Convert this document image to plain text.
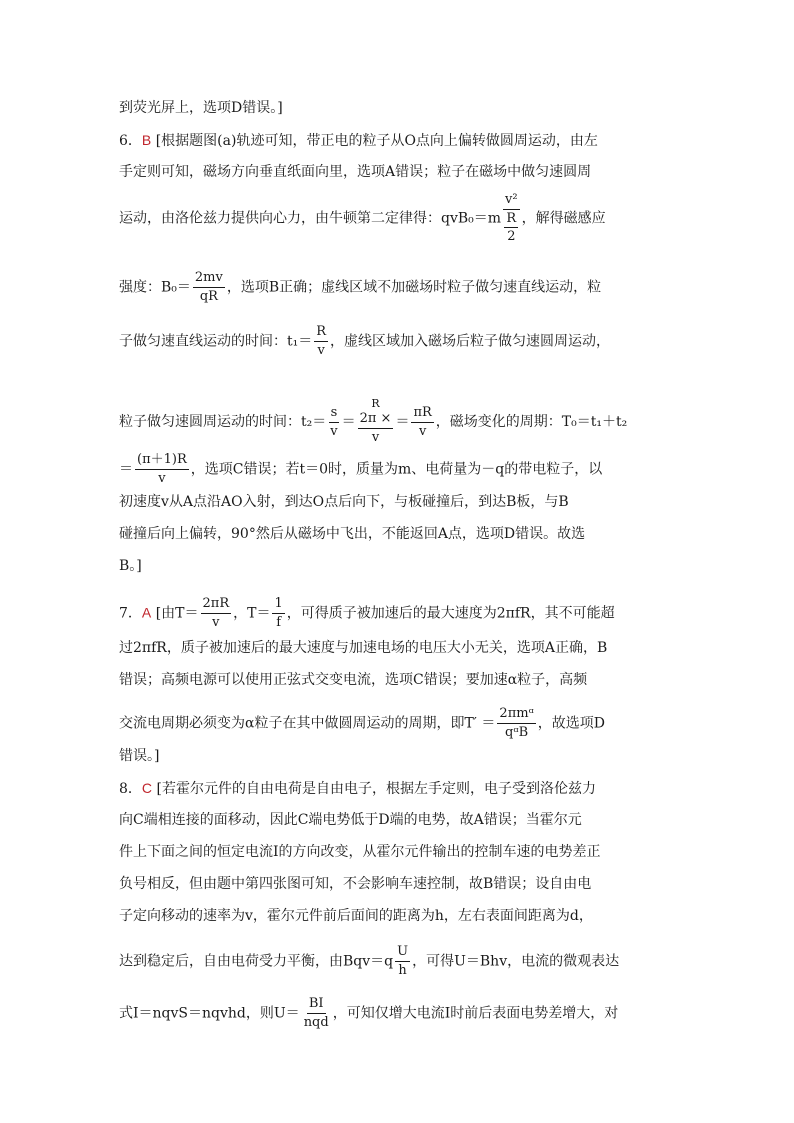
到荧光屏上，选项D错误。]
6．B [根据题图(a)轨迹可知，带正电的粒子从O点向上偏转做圆周运动，由左
手定则可知，磁场方向垂直纸面向里，选项A错误；粒子在磁场中做匀速圆周
运动，由洛伦兹力提供向心力，由牛顿第二定律得：qvB₀＝m
v²
R
2
，解得磁感应
强度：$B_0= \frac{2mv}{qR}$ ，选项B正确；虚线区域不加磁场时粒子做匀速直线运动，粒
子做匀速直线运动的时间：$t_1= \frac{R}{v}$ ，虚线区域加入磁场后粒子做匀速圆周运动，
粒子做匀速圆周运动的时间：$t_2= \frac{s}{v}$ ＝
R
2π ×
v
＝ $\frac{\pi R}{v}$ ，磁场变化的周期：T₀＝t₁＋t₂
＝ $\frac{(\pi+1)R}{v}$ ，选项C错误；若t＝0时，质量为m、电荷量为－q的带电粒子，以
初速度v从A点沿AO入射，到达O点后向下，与板碰撞后，到达B板，与B
碰撞后向上偏转，90°然后从磁场中飞出，不能返回A点，选项D错误。故选
B。]
7．A [由$T= \frac{2\pi R}{v}$ ，$T= \frac{1}{f}$ ，可得质子被加速后的最大速度为2πfR，其不可能超
过2πfR，质子被加速后的最大速度与加速电场的电压大小无关，选项A正确，B
错误；高频电源可以使用正弦式交变电流，选项C错误；要加速α粒子，高频
交流电周期必须变为α粒子在其中做圆周运动的周期，即$T' = \frac{\text{2πmᵅ}}{\text{qᵅB}}$ ，故选项D
错误。]
8．C [若霍尔元件的自由电荷是自由电子，根据左手定则，电子受到洛伦兹力
向C端相连接的面移动，因此C端电势低于D端的电势，故A错误；当霍尔元
件上下面之间的恒定电流I的方向改变，从霍尔元件输出的控制车速的电势差正
负号相反，但由题中第四张图可知，不会影响车速控制，故B错误；设自由电
子定向移动的速率为v，霍尔元件前后面间的距离为h，左右表面间距离为d，
达到稳定后，自由电荷受力平衡，由$Bqv=q \frac{U}{h}$ ，可得U＝Bhv，电流的微观表达
式I＝nqvS＝nqvhd，则$U= \frac{BI}{\text{nqd}}$ ，可知仅增大电流I时前后表面电势差增大，对
